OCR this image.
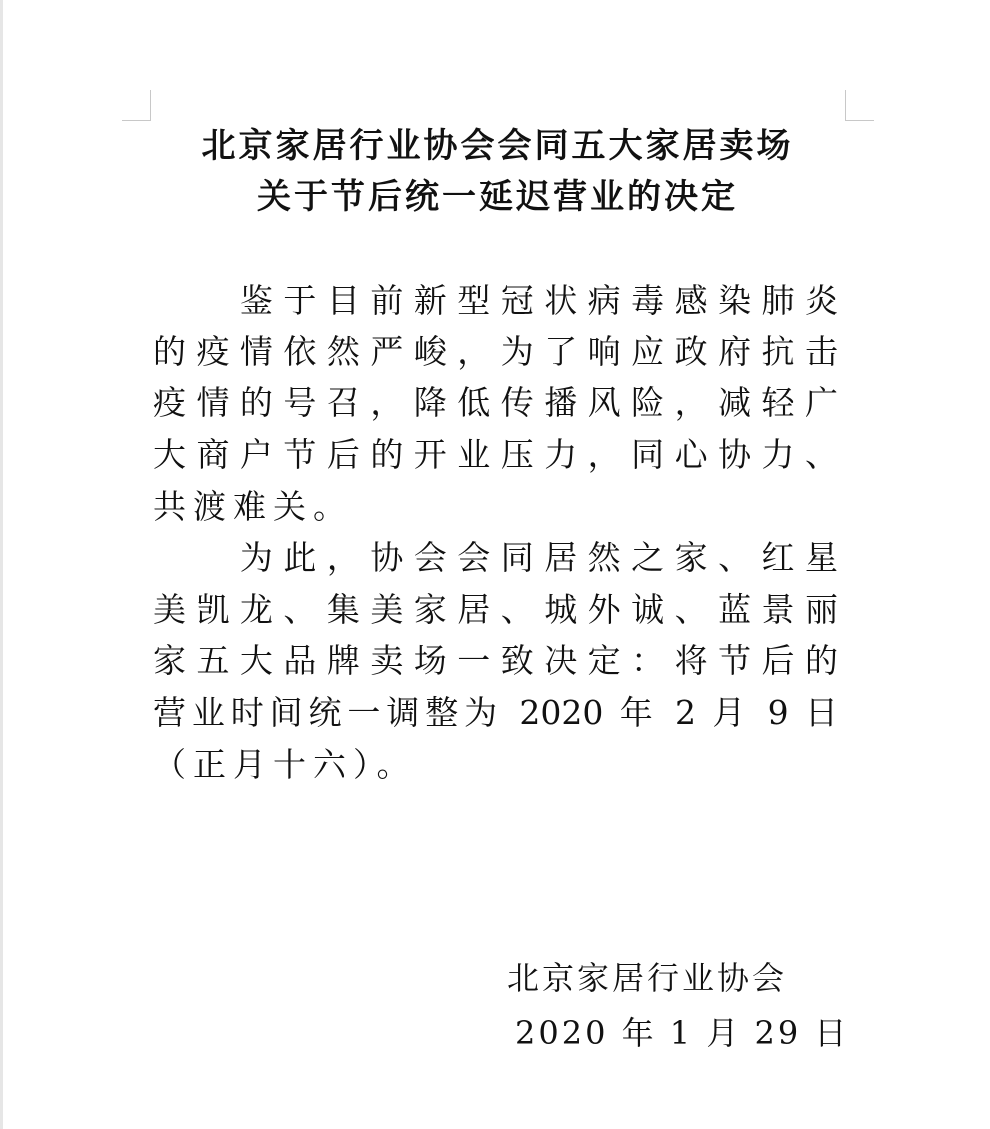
北京家居行业协会会同五大家居卖场
关于节后统一延迟营业的决定
　　鉴于目前新型冠状病毒感染肺炎
的疫情依然严峻，为了响应政府抗击
疫情的号召，降低传播风险，减轻广
大商户节后的开业压力，同心协力、
共渡难关。
　　为此，协会会同居然之家、红星
美凯龙、集美家居、城外诚、蓝景丽
家五大品牌卖场一致决定：将节后的
营业时间统一调整为 2020 年 2 月 9 日
（正月十六）。
北京家居行业协会
2020 年 1 月 29 日
